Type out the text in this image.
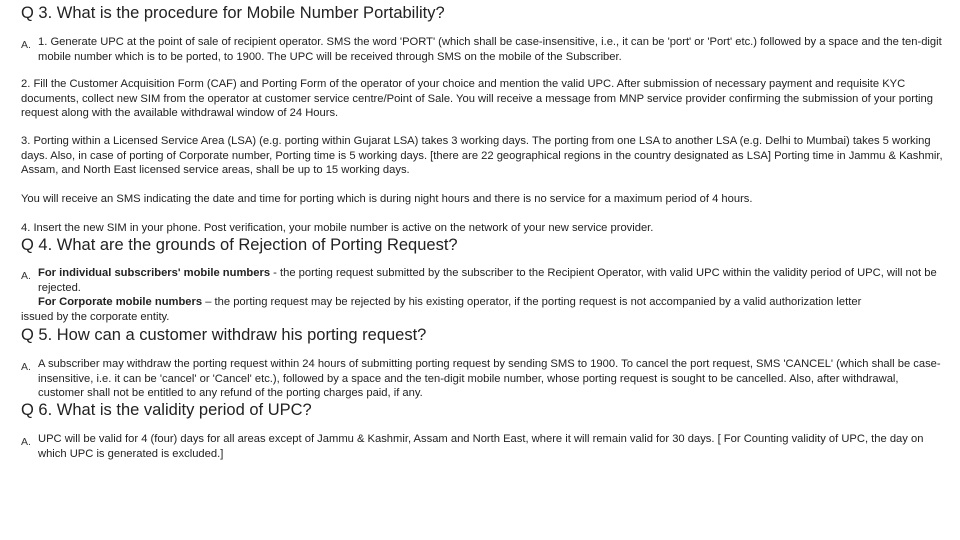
Q 3. What is the procedure for Mobile Number Portability?
A. 1. Generate UPC at the point of sale of recipient operator. SMS the word 'PORT' (which shall be case-insensitive, i.e., it can be 'port' or 'Port' etc.) followed by a space and the ten-digit mobile number which is to be ported, to 1900. The UPC will be received through SMS on the mobile of the Subscriber.
2. Fill the Customer Acquisition Form (CAF) and Porting Form of the operator of your choice and mention the valid UPC. After submission of necessary payment and requisite KYC documents, collect new SIM from the operator at customer service centre/Point of Sale. You will receive a message from MNP service provider confirming the submission of your porting request along with the available withdrawal window of 24 Hours.
3. Porting within a Licensed Service Area (LSA) (e.g. porting within Gujarat LSA) takes 3 working days. The porting from one LSA to another LSA (e.g. Delhi to Mumbai) takes 5 working days. Also, in case of porting of Corporate number, Porting time is 5 working days. [there are 22 geographical regions in the country designated as LSA] Porting time in Jammu & Kashmir, Assam, and North East licensed service areas, shall be up to 15 working days.
You will receive an SMS indicating the date and time for porting which is during night hours and there is no service for a maximum period of 4 hours.
4. Insert the new SIM in your phone. Post verification, your mobile number is active on the network of your new service provider.
Q 4. What are the grounds of Rejection of Porting Request?
A. For individual subscribers' mobile numbers - the porting request submitted by the subscriber to the Recipient Operator, with valid UPC within the validity period of UPC, will not be rejected.
For Corporate mobile numbers – the porting request may be rejected by his existing operator, if the porting request is not accompanied by a valid authorization letter
issued by the corporate entity.
Q 5. How can a customer withdraw his porting request?
A. A subscriber may withdraw the porting request within 24 hours of submitting porting request by sending SMS to 1900. To cancel the port request, SMS 'CANCEL' (which shall be case-insensitive, i.e. it can be 'cancel' or 'Cancel' etc.), followed by a space and the ten-digit mobile number, whose porting request is sought to be cancelled. Also, after withdrawal, customer shall not be entitled to any refund of the porting charges paid, if any.
Q 6. What is the validity period of UPC?
A. UPC will be valid for 4 (four) days for all areas except of Jammu & Kashmir, Assam and North East, where it will remain valid for 30 days. [ For Counting validity of UPC, the day on which UPC is generated is excluded.]
